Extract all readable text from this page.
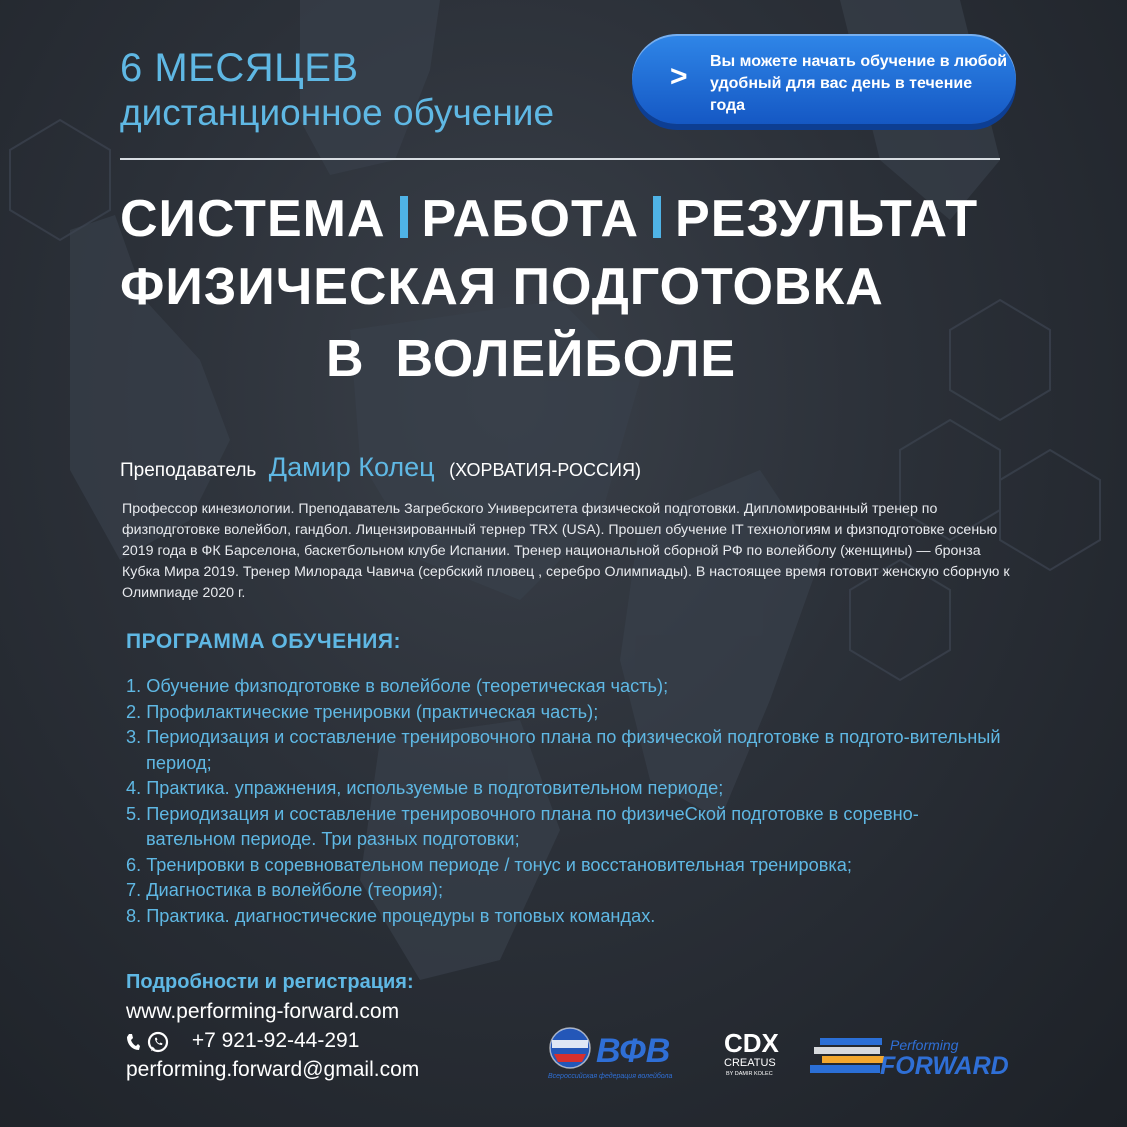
6 МЕСЯЦЕВ
дистанционное обучение
> Вы можете начать обучение в любой удобный для вас день в течение года
СИСТЕМА РАБОТА РЕЗУЛЬТАТ
ФИЗИЧЕСКАЯ ПОДГОТОВКА
В  ВОЛЕЙБОЛЕ
Преподаватель Дамир Колец (ХОРВАТИЯ-РОССИЯ)
Профессор кинезиологии. Преподаватель Загребского Университета физической подготовки. Дипломированный тренер по физподготовке волейбол, гандбол. Лицензированный тернер TRX (USA). Прошел обучение IT технологиям и физподготовке осенью 2019 года в ФК Барселона, баскетбольном клубе Испании. Тренер национальной сборной РФ по волейболу (женщины) — бронза Кубка Мира 2019. Тренер Милорада Чавича (сербский пловец , серебро Олимпиады). В настоящее время готовит женскую сборную к Олимпиаде 2020 г.
ПРОГРАММА ОБУЧЕНИЯ:
1. Обучение физподготовке в волейболе (теоретическая часть);
2. Профилактические тренировки (практическая часть);
3. Периодизация и составление тренировочного плана по физической подготовке в подгото-вительный период;
4. Практика. упражнения, используемые в подготовительном периоде;
5. Периодизация и составление тренировочного плана по физичеСкой подготовке в соревно-вательном периоде. Три разных подготовки;
6. Тренировки в соревновательном периоде / тонус и восстановительная тренировка;
7. Диагностика в волейболе (теория);
8. Практика. диагностические процедуры в топовых командах.
Подробности и регистрация:
www.performing-forward.com
+7 921-92-44-291
performing.forward@gmail.com	ВФВ
Всероссийская федерация волейбола
CDX
CREATUS
BY DAMIR KOLEC
Performing
FORWARD
